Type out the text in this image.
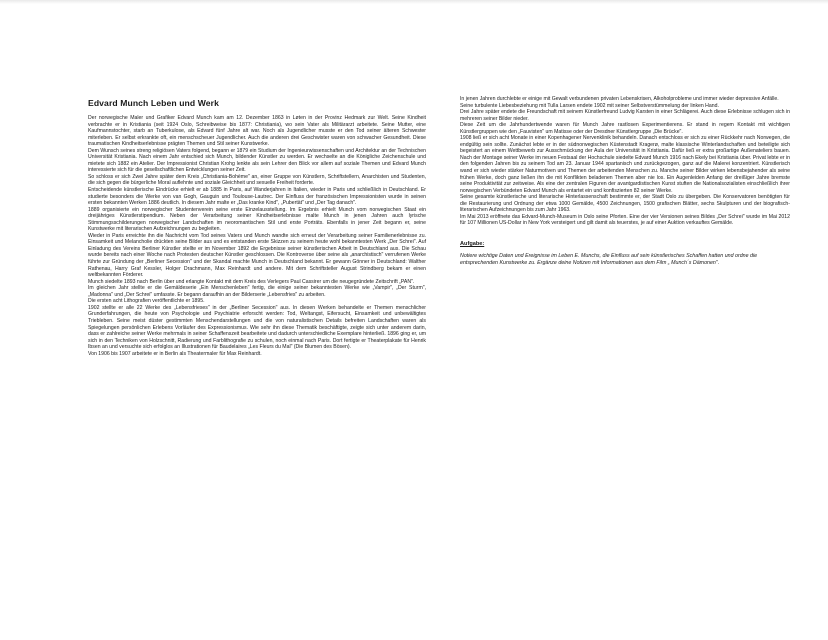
Edvard Munch Leben und Werk

Der norwegische Maler und Grafiker Edvard Munch kam am 12. Dezember 1863 in Løten in der Provinz Hedmark zur Welt. Seine Kindheit verbrachte er in Kristiania (seit 1924 Oslo, Schreibweise bis 1877: Christiania), wo sein Vater als Militärarzt arbeitete. Seine Mutter, eine Kaufmannstochter, starb an Tuberkulose, als Edvard fünf Jahre alt war. Noch als Jugendlicher musste er den Tod seiner älteren Schwester miterleben. Er selbst erkrankte oft, ein menschscheuer Jugendlicher. Auch die anderen drei Geschwister waren von schwacher Gesundheit. Diese traumatischen Kindheitserlebnisse prägten Themen und Stil seiner Kunstwerke.

Dem Wunsch seines streng religiösen Vaters folgend, begann er 1879 ein Studium der Ingenieurwissenschaften und Architektur an der Technischen Universität Kristiania. Nach einem Jahr entschied sich Munch, bildender Künstler zu werden. Er wechselte an die Königliche Zeichenschule und mietete sich 1882 ein Atelier. Der Impressionist Christian Krohg lenkte als sein Lehrer den Blick vor allem auf soziale Themen und Edvard Munch interessierte sich für die gesellschaftlichen Entwicklungen seiner Zeit.

So schloss er sich Zwei Jahre später dem Kreis „Christiania-Bohème" an, einer Gruppe von Künstlern, Schriftstellern, Anarchisten und Studenten, die sich gegen die bürgerliche Moral auflehnte und soziale Gleichheit und sexuelle Freiheit forderte.

Entscheidende künstlerische Eindrücke erhielt er ab 1885 in Paris, auf Wanderjahren in Italien, wieder in Paris und schließlich in Deutschland. Er studierte besonders die Werke von van Gogh, Gauguin und Toulouse-Lautrec. Der Einfluss der französischen Impressionisten wurde in seinen ersten bekannten Werken 1886 deutlich. In diesem Jahr malte er „Das kranke Kind", „Pubertät" und „Der Tag danach".

1889 organisierte ein norwegischer Studentenverein seine erste Einzelausstellung. Im Ergebnis erhielt Munch vom norwegischen Staat ein dreijähriges Künstlerstipendium. Neben der Verarbeitung seiner Kindheitserlebnisse malte Munch in jenen Jahren auch lyrische Stimmungsschilderungen norwegischer Landschaften im neoromantischen Stil und erste Porträts. Ebenfalls in jener Zeit begann er, seine Kunstwerke mit literarischen Aufzeichnungen zu begleiten.

Wieder in Paris erreichte ihn die Nachricht vom Tod seines Vaters und Munch wandte sich erneut der Verarbeitung seiner Familienerlebnisse zu. Einsamkeit und Melancholie drückten seine Bilder aus und es entstanden erste Skizzen zu seinem heute wohl bekanntesten Werk „Der Schrei". Auf Einladung des Vereins Berliner Künstler stellte er im November 1892 die Ergebnisse seiner künstlerischen Arbeit in Deutschland aus. Die Schau wurde bereits nach einer Woche nach Protesten deutscher Künstler geschlossen. Die Kontroverse über seine als „anarchistisch" verrufenen Werke führte zur Gründung der „Berliner Secession" und der Skandal machte Munch in Deutschland bekannt. Er gewann Gönner in Deutschland: Walther Rathenau, Harry Graf Kessler, Holger Drachmann, Max Reinhardt und andere. Mit dem Schriftsteller August Strindberg bekam er einen weltbekannten Förderer.

Munch siedelte 1893 nach Berlin über und erlangte Kontakt mit dem Kreis des Verlegers Paul Cassirer um die neugegründete Zeitschrift „PAN".

Im gleichen Jahr stellte er die Gemäldeserie „Ein Menschenleben" fertig, die einige seiner bekanntesten Werke wie „Vampir", „Der Sturm", „Madonna" und „Der Schrei" umfasste. Er begann daraufhin an der Bilderserie „Lebensfries" zu arbeiten.

Die ersten acht Lithografien veröffentlichte er 1895.

1902 stellte er alle 22 Werke des „Lebensfrieses" in der „Berliner Secession" aus. In diesen Werken behandelte er Themen menschlicher Grunderfahrungen, die heute von Psychologie und Psychiatrie erforscht werden: Tod, Weltangst, Eifersucht, Einsamkeit und unbewältigtes Triebleben. Seine meist düster gestimmten Menschendarstellungen und die von naturalistischen Details befreiten Landschaften waren als Spiegelungen persönlichen Erlebens Vorläufer des Expressionismus. Wie sehr ihn diese Thematik beschäftigte, zeigte sich unter anderem darin, dass er zahlreiche seiner Werke mehrmals in seiner Schaffenszeit bearbeitete und dadurch unterschiedliche Exemplare hinterließ. 1896 ging er, um sich in den Techniken von Holzschnitt, Radierung und Farblithografie zu schulen, noch einmal nach Paris. Dort fertigte er Theaterplakate für Henrik Ibsen an und versuchte sich erfolglos an Illustrationen für Baudelaires „Les Fleurs du Mal" (Die Blumen des Bösen).

Von 1906 bis 1907 arbeitete er in Berlin als Theatermaler für Max Reinhardt.

In jenen Jahren durchlebte er einige mit Gewalt verbundenen privaten Lebenskrisen, Alkoholprobleme und immer wieder depressive Anfälle.

Seine turbulente Liebesbeziehung mit Tulla Larsen endete 1902 mit seiner Selbstverstümmelung der linken Hand.

Drei Jahre später endete die Freundschaft mit seinem Künstlerfreund Ludvig Karsten in einer Schlägerei. Auch diese Erlebnisse schlugen sich in mehreren seiner Bilder nieder.

Diese Zeit um die Jahrhundertwende waren für Munch Jahre rastlosen Experimentierens. Er stand in regem Kontakt mit wichtigen Künstlergruppen wie den „Fauvisten" um Matisse oder der Dresdner Künstlergruppe „Die Brücke".

1908 ließ er sich acht Monate in einer Kopenhagener Nervenklinik behandeln. Danach entschloss er sich zu einer Rückkehr nach Norwegen, die endgültig sein sollte. Zunächst lebte er in der südnorwegischen Küstenstadt Kragerø, malte klassische Winterlandschaften und beteiligte sich begeistert an einem Wettbewerb zur Ausschmückung der Aula der Universität in Kristiania. Dafür ließ er extra großartige Außenateliers bauen. Nach der Montage seiner Werke im neuen Festsaal der Hochschule siedelte Edvard Munch 1916 nach Ekely bei Kristiania über. Privat lebte er in den folgenden Jahren bis zu seinem Tod am 23. Januar 1944 spartanisch und zurückgezogen, ganz auf die Malerei konzentriert. Künstlerisch wand er sich wieder stärker Naturmotiven und Themen der arbeitenden Menschen zu. Manche seiner Bilder wirken lebensbejahender als seine frühen Werke, doch ganz ließen ihn die mit Konflikten beladenen Themen aber nie los. Ein Augenleiden Anfang der dreißiger Jahre bremste seine Produktivität zur zeitweise. Als eine der zentralen Figuren der avantgardistischen Kunst stuften die Nationalsozialisten einschließlich ihrer norwegischen Verbündeten Edvard Munch als entartet ein und konfiszierten 82 seiner Werke.

Seine gesamte künstlerische und literarische Hinterlassenschaft bestimmte er, der Stadt Oslo zu übergeben. Die Konservatoren benötigten für die Restaurierung und Ordnung der etwa 1000 Gemälde, 4500 Zeichnungen, 1500 grafischen Blätter, sechs Skulpturen und der biografisch-literarischen Aufzeichnungen bis zum Jahr 1963.

Im Mai 2013 eröffnete das Edvard-Munch-Museum in Oslo seine Pforten. Eine der vier Versionen seines Bildes „Der Schrei" wurde im Mai 2012 für 107 Millionen US-Dollar in New York versteigert und gilt damit als teuerstes, je auf einer Auktion verkauftes Gemälde.

Aufgabe:

Notiere wichtige Daten und Ereignisse im Leben E. Munchs, die Einfluss auf sein künstlerisches Schaffen hatten und ordne die entsprechenden Kunstwerke zu. Ergänze deine Notizen mit Informationen aus dem Film „ Munch´s Dämonen".
